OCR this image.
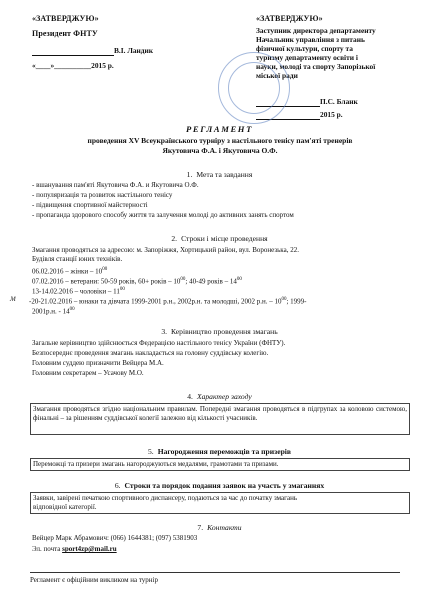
«ЗАТВЕРДЖУЮ»
Президент ФНТУ
В.І. Ландик
«____»__________2015 р.
«ЗАТВЕРДЖУЮ»
Заступник директора департаменту
Начальник управління з питань
фізичної культури, спорту та
туризму департаменту освіти і
науки, молоді та спорту Запорізької
міської ради
П.С. Бланк
2015 р.
РЕГЛАМЕНТ
проведення XV Всеукраїнського турніру з настільного тенісу пам'яті тренерів
Якутовича Ф.А. і Якутовича О.Ф.
1. Мета та завдання
- вшанування пам'яті Якутовича Ф.А. и Якутовича О.Ф.
- популяризація та розвиток настільного тенісу
- підвищення спортивної майстерності
- пропаганда здорового способу життя та залучення молоді до активних занять спортом
2. Строки і місце проведення
Змагання проводяться за адресою: м. Запоріжжя, Хортицький район, вул. Воронезька, 22.
Будівля станції юних техніків.
06.02.2016 – жінки – $10^{00}$
07.02.2016 – ветерани: 50-59 років, 60+ років – $10^{00}$; 40-49 років – $14^{00}$
13-14.02.2016 – чоловіки – $11^{00}$
м -20-21.02.2016 – юнаки та дівчата 1999-2001 р.н., 2002р.н. та молодші, 2002 р.н. – $10^{00}$; 1999-
2001р.н. - $14^{00}$
3. Керівництво проведення змагань
Загальне керівництво здійснюється Федерацією настільного тенісу України (ФНТУ).
Безпосереднє проведення змагань накладається на головну суддівську колегію.
Головним суддею призначити Вейцера М.А.
Головним секретарем – Усачову М.О.
4. Характер заходу
Змагання проводяться згідно національним правилам. Попередні змагання проводяться в підгрупах за коловою системою, фінальні – за рішенням суддівської колегії залежно від кількості учасників.
5. Нагородження переможців та призерів
Переможці та призери змагань нагороджуються медалями, грамотами та призами.
6. Строки та порядок подання заявок на участь у змаганнях
Заявки, завірені печаткою спортивного диспансеру, подаються за час до початку змагань
відповідної категорії.
7. Контакти
Вейцер Марк Абрамович: (066) 1644381; (097) 5381903
Эл. почта sport4zp@mail.ru
Регламент є офіційним викликом на турнір
